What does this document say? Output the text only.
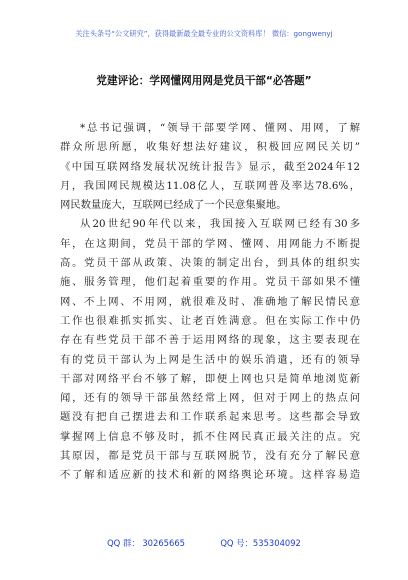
关注头条号“公文研究”，获得最新最全最专业的公文资料库！ 微信：gongwenyj
党建评论：学网懂网用网是党员干部“必答题”
*总书记强调，“领导干部要学网、懂网、用网，了解
群众所思所愿，收集好想法好建议，积极回应网民关切”
《中国互联网络发展状况统计报告》显示，截至2024年12
月，我国网民规模达11.08亿人，互联网普及率达78.6%，
网民数量庞大，互联网已经成了一个民意集聚地。
从20世纪90年代以来，我国接入互联网已经有30多
年，在这期间，党员干部的学网、懂网、用网能力不断提
高。党员干部从政策、决策的制定出台，到具体的组织实
施、服务管理，他们起着重要的作用。党员干部如果不懂
网、不上网、不用网，就很难及时、准确地了解民情民意
工作也很难抓实抓实、让老百姓满意。但在实际工作中仍
存在有些党员干部不善于运用网络的现象，这主要表现在
有的党员干部认为上网是生活中的娱乐消遣，还有的领导
干部对网络平台不够了解，即便上网也只是简单地浏览新
闻，还有的领导干部虽然经常上网，但对于网上的热点问
题没有把自己摆进去和工作联系起来思考。这些都会导致
掌握网上信息不够及时，抓不住网民真正最关注的点。究
其原因，都是党员干部与互联网脱节，没有充分了解民意
不了解和适应新的技术和新的网络舆论环境。这样容易造
QQ 群： 30265665	QQ 号：535304092
